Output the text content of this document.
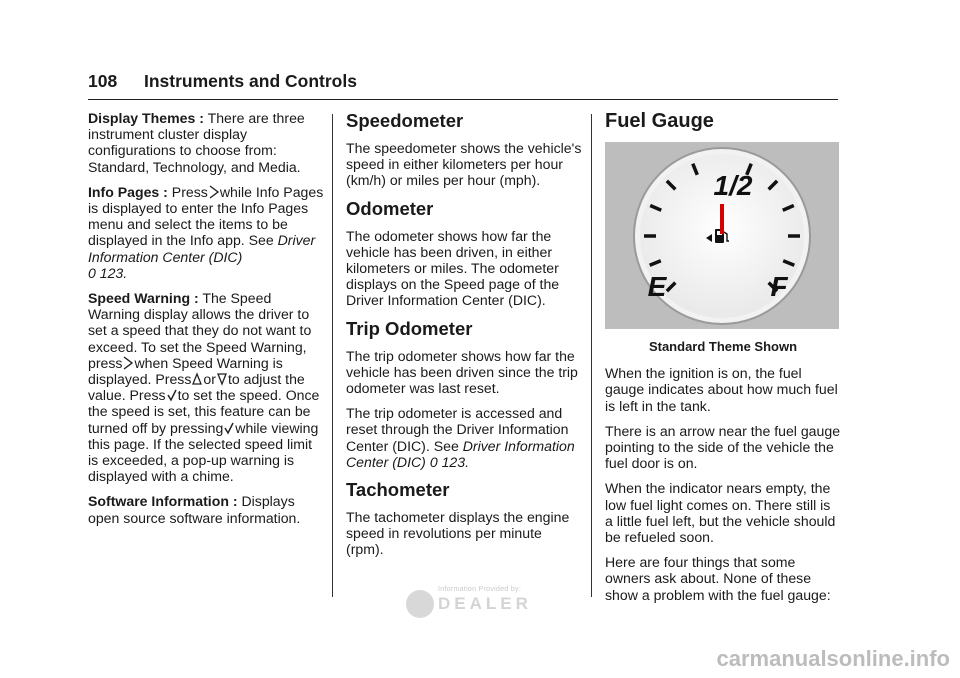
108 Instruments and Controls

Display Themes : There are three instrument cluster display configurations to choose from: Standard, Technology, and Media.

Info Pages : Press while Info Pages is displayed to enter the Info Pages menu and select the items to be displayed in the Info app. See Driver Information Center (DIC)
0 123.

Speed Warning : The Speed Warning display allows the driver to set a speed that they do not want to exceed. To set the Speed Warning, press when Speed Warning is displayed. Press or to adjust the value. Press to set the speed. Once the speed is set, this feature can be turned off by pressing while viewing this page. If the selected speed limit is exceeded, a pop-up warning is displayed with a chime.

Software Information : Displays open source software information.

Speedometer

The speedometer shows the vehicle's speed in either kilometers per hour (km/h) or miles per hour (mph).

Odometer

The odometer shows how far the vehicle has been driven, in either kilometers or miles. The odometer displays on the Speed page of the Driver Information Center (DIC).

Trip Odometer

The trip odometer shows how far the vehicle has been driven since the trip odometer was last reset.

The trip odometer is accessed and reset through the Driver Information Center (DIC). See Driver Information Center (DIC) 0 123.

Tachometer

The tachometer displays the engine speed in revolutions per minute (rpm).

Fuel Gauge
1/2
E	F
Standard Theme Shown

When the ignition is on, the fuel gauge indicates about how much fuel is left in the tank.

There is an arrow near the fuel gauge pointing to the side of the vehicle the fuel door is on.

When the indicator nears empty, the low fuel light comes on. There still is a little fuel left, but the vehicle should be refueled soon.

Here are four things that some owners ask about. None of these show a problem with the fuel gauge:

Information Provided by:
DEALER
carmanualsonline.info
